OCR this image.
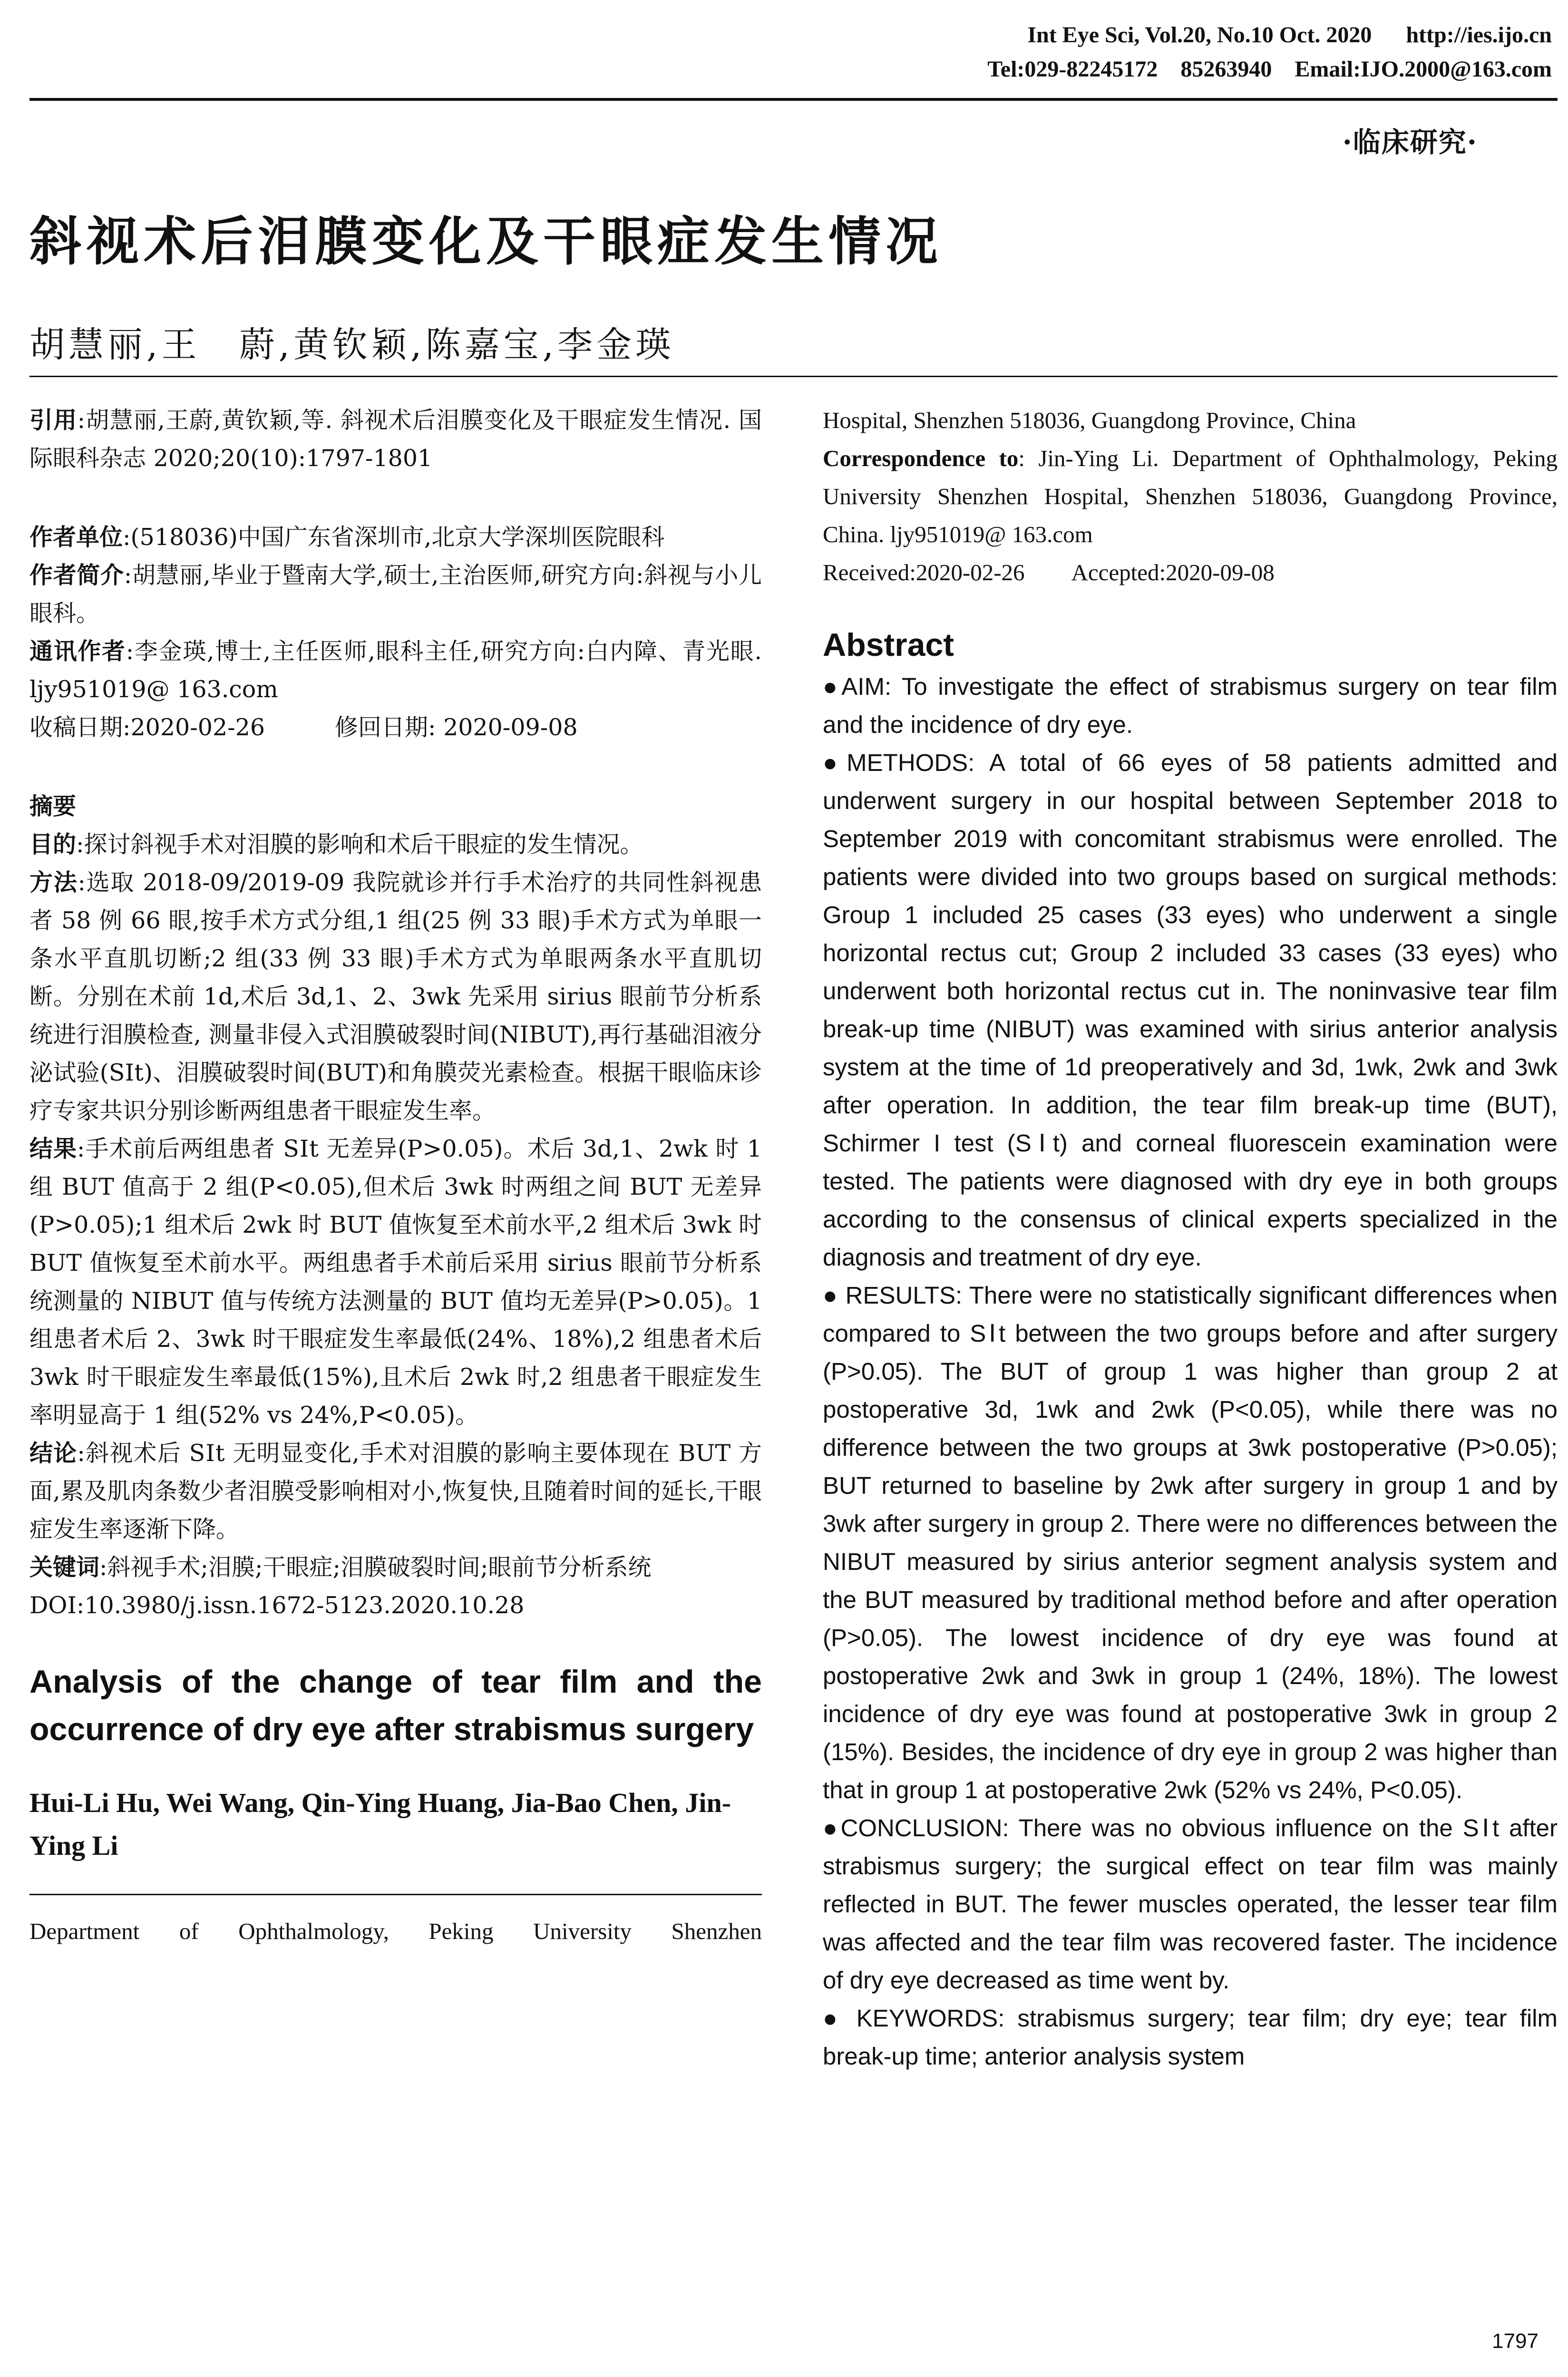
Int Eye Sci, Vol.20, No.10 Oct. 2020      http://ies.ijo.cn
Tel:029-82245172    85263940    Email:IJO.2000@163.com
·临床研究·
斜视术后泪膜变化及干眼症发生情况
胡慧丽,王　蔚,黄钦颖,陈嘉宝,李金瑛

引用:胡慧丽,王蔚,黄钦颖,等. 斜视术后泪膜变化及干眼症发生情况. 国际眼科杂志 2020;20(10):1797-1801

作者单位:(518036)中国广东省深圳市,北京大学深圳医院眼科

作者简介:胡慧丽,毕业于暨南大学,硕士,主治医师,研究方向:斜视与小儿眼科。

通讯作者:李金瑛,博士,主任医师,眼科主任,研究方向:白内障、青光眼. ljy951019@ 163.com

收稿日期:2020-02-26　　　修回日期: 2020-09-08

摘要

目的:探讨斜视手术对泪膜的影响和术后干眼症的发生情况。

方法:选取 2018-09/2019-09 我院就诊并行手术治疗的共同性斜视患者 58 例 66 眼,按手术方式分组,1 组(25 例 33 眼)手术方式为单眼一条水平直肌切断;2 组(33 例 33 眼)手术方式为单眼两条水平直肌切断。分别在术前 1d,术后 3d,1、2、3wk 先采用 sirius 眼前节分析系统进行泪膜检查, 测量非侵入式泪膜破裂时间(NIBUT),再行基础泪液分泌试验(SⅠt)、泪膜破裂时间(BUT)和角膜荧光素检查。根据干眼临床诊疗专家共识分别诊断两组患者干眼症发生率。

结果:手术前后两组患者 SⅠt 无差异(P>0.05)。术后 3d,1、2wk 时 1 组 BUT 值高于 2 组(P<0.05),但术后 3wk 时两组之间 BUT 无差异(P>0.05);1 组术后 2wk 时 BUT 值恢复至术前水平,2 组术后 3wk 时 BUT 值恢复至术前水平。两组患者手术前后采用 sirius 眼前节分析系统测量的 NIBUT 值与传统方法测量的 BUT 值均无差异(P>0.05)。1 组患者术后 2、3wk 时干眼症发生率最低(24%、18%),2 组患者术后 3wk 时干眼症发生率最低(15%),且术后 2wk 时,2 组患者干眼症发生率明显高于 1 组(52% vs 24%,P<0.05)。

结论:斜视术后 SⅠt 无明显变化,手术对泪膜的影响主要体现在 BUT 方面,累及肌肉条数少者泪膜受影响相对小,恢复快,且随着时间的延长,干眼症发生率逐渐下降。

关键词:斜视手术;泪膜;干眼症;泪膜破裂时间;眼前节分析系统

DOI:10.3980/j.issn.1672-5123.2020.10.28

Analysis of the change of tear film and the occurrence of dry eye after strabismus surgery
Hui-Li Hu, Wei Wang, Qin-Ying Huang, Jia-Bao Chen, Jin-Ying Li
Department of Ophthalmology, Peking University Shenzhen

Hospital, Shenzhen 518036, Guangdong Province, China

Correspondence to: Jin-Ying Li. Department of Ophthalmology, Peking University Shenzhen Hospital, Shenzhen 518036, Guangdong Province, China. ljy951019@ 163.com

Received:2020-02-26　　Accepted:2020-09-08

Abstract

●AIM: To investigate the effect of strabismus surgery on tear film and the incidence of dry eye.

●METHODS: A total of 66 eyes of 58 patients admitted and underwent surgery in our hospital between September 2018 to September 2019 with concomitant strabismus were enrolled. The patients were divided into two groups based on surgical methods: Group 1 included 25 cases (33 eyes) who underwent a single horizontal rectus cut; Group 2 included 33 cases (33 eyes) who underwent both horizontal rectus cut in. The noninvasive tear film break-up time (NIBUT) was examined with sirius anterior analysis system at the time of 1d preoperatively and 3d, 1wk, 2wk and 3wk after operation. In addition, the tear film break-up time (BUT), Schirmer I test (SⅠt) and corneal fluorescein examination were tested. The patients were diagnosed with dry eye in both groups according to the consensus of clinical experts specialized in the diagnosis and treatment of dry eye.

● RESULTS: There were no statistically significant differences when compared to SⅠt between the two groups before and after surgery (P>0.05). The BUT of group 1 was higher than group 2 at postoperative 3d, 1wk and 2wk (P<0.05), while there was no difference between the two groups at 3wk postoperative (P>0.05); BUT returned to baseline by 2wk after surgery in group 1 and by 3wk after surgery in group 2. There were no differences between the NIBUT measured by sirius anterior segment analysis system and the BUT measured by traditional method before and after operation (P>0.05). The lowest incidence of dry eye was found at postoperative 2wk and 3wk in group 1 (24%, 18%). The lowest incidence of dry eye was found at postoperative 3wk in group 2 (15%). Besides, the incidence of dry eye in group 2 was higher than that in group 1 at postoperative 2wk (52% vs 24%, P<0.05).

●CONCLUSION: There was no obvious influence on the SⅠt after strabismus surgery; the surgical effect on tear film was mainly reflected in BUT. The fewer muscles operated, the lesser tear film was affected and the tear film was recovered faster. The incidence of dry eye decreased as time went by.

● KEYWORDS: strabismus surgery; tear film; dry eye; tear film break-up time; anterior analysis system

1797
